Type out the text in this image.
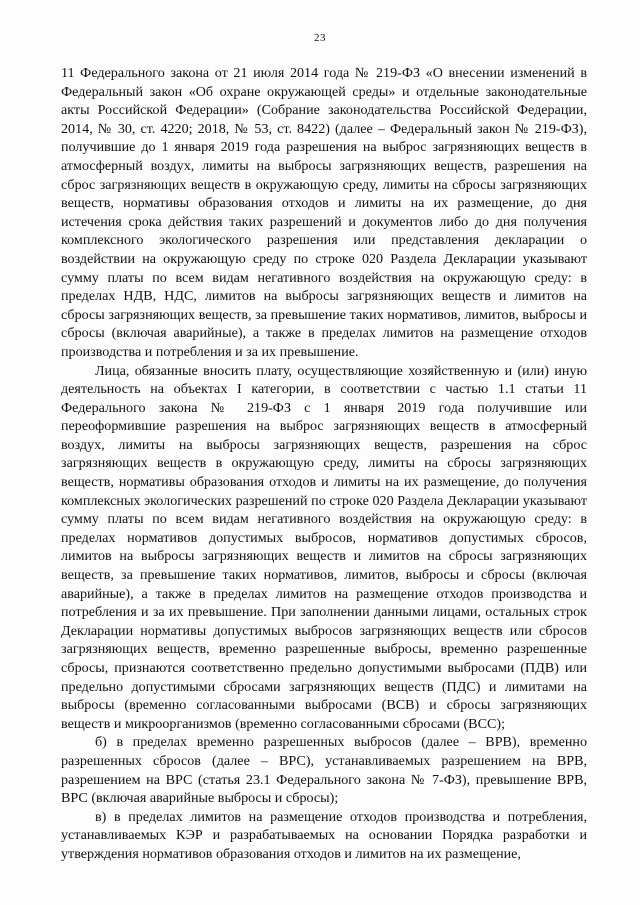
23

11 Федерального закона от 21 июля 2014 года № 219-ФЗ «О внесении изменений в Федеральный закон «Об охране окружающей среды» и отдельные законодательные акты Российской Федерации» (Собрание законодательства Российской Федерации, 2014, № 30, ст. 4220; 2018, № 53, ст. 8422) (далее – Федеральный закон № 219-ФЗ), получившие до 1 января 2019 года разрешения на выброс загрязняющих веществ в атмосферный воздух, лимиты на выбросы загрязняющих веществ, разрешения на сброс загрязняющих веществ в окружающую среду, лимиты на сбросы загрязняющих веществ, нормативы образования отходов и лимиты на их размещение, до дня истечения срока действия таких разрешений и документов либо до дня получения комплексного экологического разрешения или представления декларации о воздействии на окружающую среду по строке 020 Раздела Декларации указывают сумму платы по всем видам негативного воздействия на окружающую среду: в пределах НДВ, НДС, лимитов на выбросы загрязняющих веществ и лимитов на сбросы загрязняющих веществ, за превышение таких нормативов, лимитов, выбросы и сбросы (включая аварийные), а также в пределах лимитов на размещение отходов производства и потребления и за их превышение.

Лица, обязанные вносить плату, осуществляющие хозяйственную и (или) иную деятельность на объектах I категории, в соответствии с частью 1.1 статьи 11 Федерального закона № 219-ФЗ с 1 января 2019 года получившие или переоформившие разрешения на выброс загрязняющих веществ в атмосферный воздух, лимиты на выбросы загрязняющих веществ, разрешения на сброс загрязняющих веществ в окружающую среду, лимиты на сбросы загрязняющих веществ, нормативы образования отходов и лимиты на их размещение, до получения комплексных экологических разрешений по строке 020 Раздела Декларации указывают сумму платы по всем видам негативного воздействия на окружающую среду: в пределах нормативов допустимых выбросов, нормативов допустимых сбросов, лимитов на выбросы загрязняющих веществ и лимитов на сбросы загрязняющих веществ, за превышение таких нормативов, лимитов, выбросы и сбросы (включая аварийные), а также в пределах лимитов на размещение отходов производства и потребления и за их превышение. При заполнении данными лицами, остальных строк Декларации нормативы допустимых выбросов загрязняющих веществ или сбросов загрязняющих веществ, временно разрешенные выбросы, временно разрешенные сбросы, признаются соответственно предельно допустимыми выбросами (ПДВ) или предельно допустимыми сбросами загрязняющих веществ (ПДС) и лимитами на выбросы (временно согласованными выбросами (ВСВ) и сбросы загрязняющих веществ и микроорганизмов (временно согласованными сбросами (ВСС);

б) в пределах временно разрешенных выбросов (далее – ВРВ), временно разрешенных сбросов (далее – ВРС), устанавливаемых разрешением на ВРВ, разрешением на ВРС (статья 23.1 Федерального закона № 7-ФЗ), превышение ВРВ, ВРС (включая аварийные выбросы и сбросы);

в) в пределах лимитов на размещение отходов производства и потребления, устанавливаемых КЭР и разрабатываемых на основании Порядка разработки и утверждения нормативов образования отходов и лимитов на их размещение,
